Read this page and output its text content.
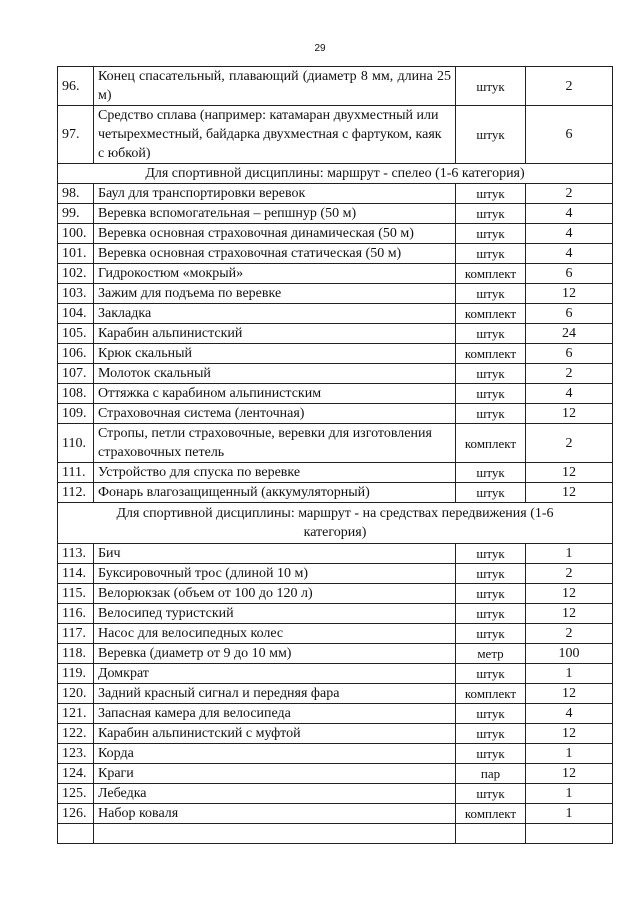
29
96.	Конец спасательный, плавающий (диаметр 8 мм, длина 25 м)	штук	2
97.	Средство сплава (например: катамаран двухместный или четырехместный, байдарка двухместная с фартуком, каяк с юбкой)	штук	6
Для спортивной дисциплины: маршрут - спелео (1-6 категория)			
98.	Баул для транспортировки веревок	штук	2
99.	Веревка вспомогательная – репшнур (50 м)	штук	4
100.	Веревка основная страховочная динамическая (50 м)	штук	4
101.	Веревка основная страховочная статическая (50 м)	штук	4
102.	Гидрокостюм «мокрый»	комплект	6
103.	Зажим для подъема по веревке	штук	12
104.	Закладка	комплект	6
105.	Карабин альпинистский	штук	24
106.	Крюк скальный	комплект	6
107.	Молоток скальный	штук	2
108.	Оттяжка с карабином альпинистским	штук	4
109.	Страховочная система (ленточная)	штук	12
110.	Стропы, петли страховочные, веревки для изготовления страховочных петель	комплект	2
111.	Устройство для спуска по веревке	штук	12
112.	Фонарь влагозащищенный (аккумуляторный)	штук	12
Для спортивной дисциплины: маршрут - на средствах передвижения (1-6 категория)			
113.	Бич	штук	1
114.	Буксировочный трос (длиной 10 м)	штук	2
115.	Велорюкзак (объем от 100 до 120 л)	штук	12
116.	Велосипед туристский	штук	12
117.	Насос для велосипедных колес	штук	2
118.	Веревка (диаметр от 9 до 10 мм)	метр	100
119.	Домкрат	штук	1
120.	Задний красный сигнал и передняя фара	комплект	12
121.	Запасная камера для велосипеда	штук	4
122.	Карабин альпинистский с муфтой	штук	12
123.	Корда	штук	1
124.	Краги	пар	12
125.	Лебедка	штук	1
126.	Набор коваля	комплект	1
